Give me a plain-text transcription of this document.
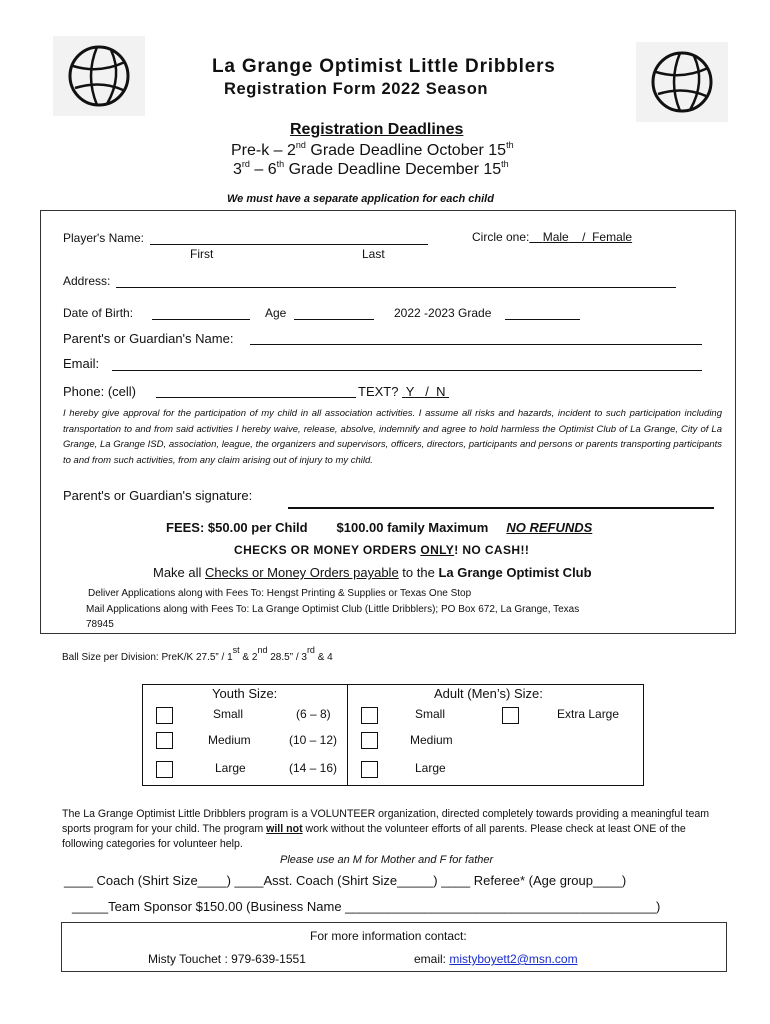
La Grange Optimist Little Dribblers
Registration Form 2022 Season
Registration Deadlines
Pre-k – 2nd Grade Deadline October 15th
3rd – 6th Grade Deadline December 15th
We must have a separate application for each child
Player's Name:
First	Last
Circle one: Male / Female
Address:
Date of Birth:	Age	2022 -2023 Grade
Parent's or Guardian's Name:
Email:
Phone: (cell)	TEXT? Y   /  N
I hereby give approval for the participation of my child in all association activities. I assume all risks and hazards, incident to such participation including transportation to and from said activities I hereby waive, release, absolve, indemnify and agree to hold harmless the Optimist Club of La Grange, City of La Grange, La Grange ISD, association, league, the organizers and supervisors, officers, directors, participants and persons or parents transporting participants to and from such activities, from any claim arising out of injury to my child.
Parent's or Guardian's signature:
FEES: $50.00 per Child $100.00 family Maximum NO REFUNDS
CHECKS OR MONEY ORDERS ONLY! NO CASH!!
Make all Checks or Money Orders payable to the La Grange Optimist Club
Deliver Applications along with Fees To: Hengst Printing & Supplies or Texas One Stop
Mail Applications along with Fees To: La Grange Optimist Club (Little Dribblers); PO Box 672, La Grange, Texas
78945
Ball Size per Division: PreK/K 27.5” / 1st & 2nd 28.5” / 3rd & 4
Youth Size:	Adult (Men’s) Size:
Small	(6 – 8)	Small	Extra Large
Medium	(10 – 12)	Medium
Large	(14 – 16)	Large
The La Grange Optimist Little Dribblers program is a VOLUNTEER organization, directed completely towards providing a meaningful team sports program for your child. The program will not work without the volunteer efforts of all parents. Please check at least ONE of the following categories for volunteer help.
Please use an M for Mother and F for father
____ Coach (Shirt Size____) ____Asst. Coach (Shirt Size_____) ____ Referee* (Age group____)
_____Team Sponsor $150.00 (Business Name ___________________________________________)
For more information contact:
Misty Touchet : 979-639-1551	email: mistyboyett2@msn.com
